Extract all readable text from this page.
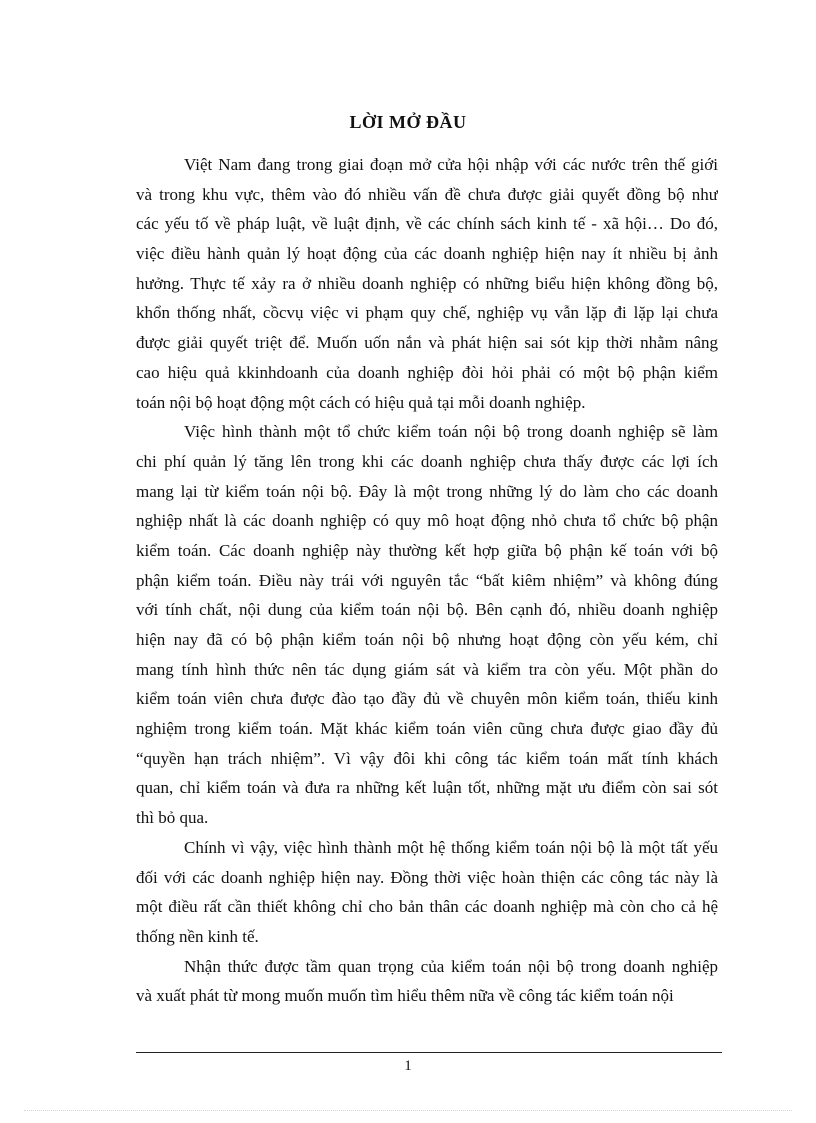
LỜI MỞ ĐẦU

Việt Nam đang trong giai đoạn mở cửa hội nhập với các nước trên thế giới

và trong khu vực, thêm vào đó nhiều vấn đề chưa được giải quyết đồng bộ như

các yếu tố về pháp luật, về luật định, về các chính sách kinh tế - xã hội… Do đó,

việc điều hành quản lý hoạt động của các doanh nghiệp hiện nay ít nhiều bị ảnh

hưởng. Thực tế xảy ra ở nhiều doanh nghiệp có những biểu hiện không đồng bộ,

khổn thống nhất, cồcvụ việc vi phạm quy chế, nghiệp vụ vẫn lặp đi lặp lại chưa

được giải quyết triệt để. Muốn uốn nắn và phát hiện sai sót kịp thời nhằm nâng

cao hiệu quả kkinhdoanh của doanh nghiệp đòi hỏi phải có một bộ phận kiểm

toán nội bộ hoạt động một cách có hiệu quả tại mỗi doanh nghiệp.

Việc hình thành một tổ chức kiểm toán nội bộ trong doanh nghiệp sẽ làm

chi phí quản lý tăng lên trong khi các doanh nghiệp chưa thấy được các lợi ích

mang lại từ kiểm toán nội bộ. Đây là một trong những lý do làm cho các doanh

nghiệp nhất là các doanh nghiệp có quy mô hoạt động nhỏ chưa tổ chức bộ phận

kiểm toán. Các doanh nghiệp này thường kết hợp giữa bộ phận kế toán với bộ

phận kiểm toán. Điều này trái với nguyên tắc “bất kiêm nhiệm” và không đúng

với tính chất, nội dung của kiểm toán nội bộ. Bên cạnh đó, nhiều doanh nghiệp

hiện nay đã có bộ phận kiểm toán nội bộ nhưng hoạt động còn yếu kém, chỉ

mang tính hình thức nên tác dụng giám sát và kiểm tra còn yếu. Một phần do

kiểm toán viên chưa được đào tạo đầy đủ về chuyên môn kiểm toán, thiếu kinh

nghiệm trong kiểm toán. Mặt khác kiểm toán viên cũng chưa được giao đầy đủ

“quyền hạn trách nhiệm”. Vì vậy đôi khi công tác kiểm toán mất tính khách

quan, chỉ kiểm toán và đưa ra những kết luận tốt, những mặt ưu điểm còn sai sót

thì bỏ qua.

Chính vì vậy, việc hình thành một hệ thống kiểm toán nội bộ là một tất yếu

đối với các doanh nghiệp hiện nay. Đồng thời việc hoàn thiện các công tác này là

một điều rất cần thiết không chỉ cho bản thân các doanh nghiệp mà còn cho cả hệ

thống nền kinh tế.

Nhận thức được tầm quan trọng của kiểm toán nội bộ trong doanh nghiệp

và xuất phát từ mong muốn muốn tìm hiểu thêm nữa về công tác kiểm toán nội

1
